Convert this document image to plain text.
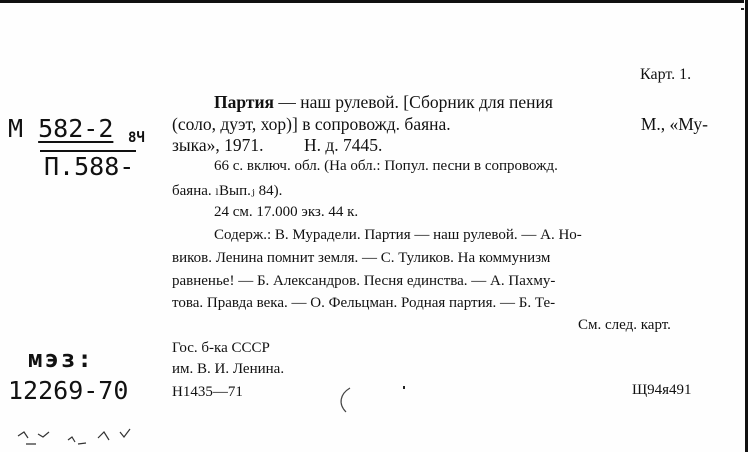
Карт. 1.
М 582-2 8Ч
П.588-
Партия — наш рулевой. [Сборник для пения
(соло, дуэт, хор)] в сопровожд. баяна.	М., «Му-
зыка», 1971. Н. д. 7445.
66 с. включ. обл. (На обл.: Попул. песни в сопровожд.
баяна. ₗВып.ⱼ 84).
24 см. 17.000 экз. 44 к.
Содерж.: В. Мурадели. Партия — наш рулевой. — А. Но-
виков. Ленина помнит земля. — С. Туликов. На коммунизм
равненье! — Б. Александров. Песня единства. — А. Пахму-
това. Правда века. — О. Фельцман. Родная партия. — Б. Те-
См. след. карт.
мэз:
12269-70
Гос. б-ка СССР
им. В. И. Ленина.
Н1435—71	Щ94я491
